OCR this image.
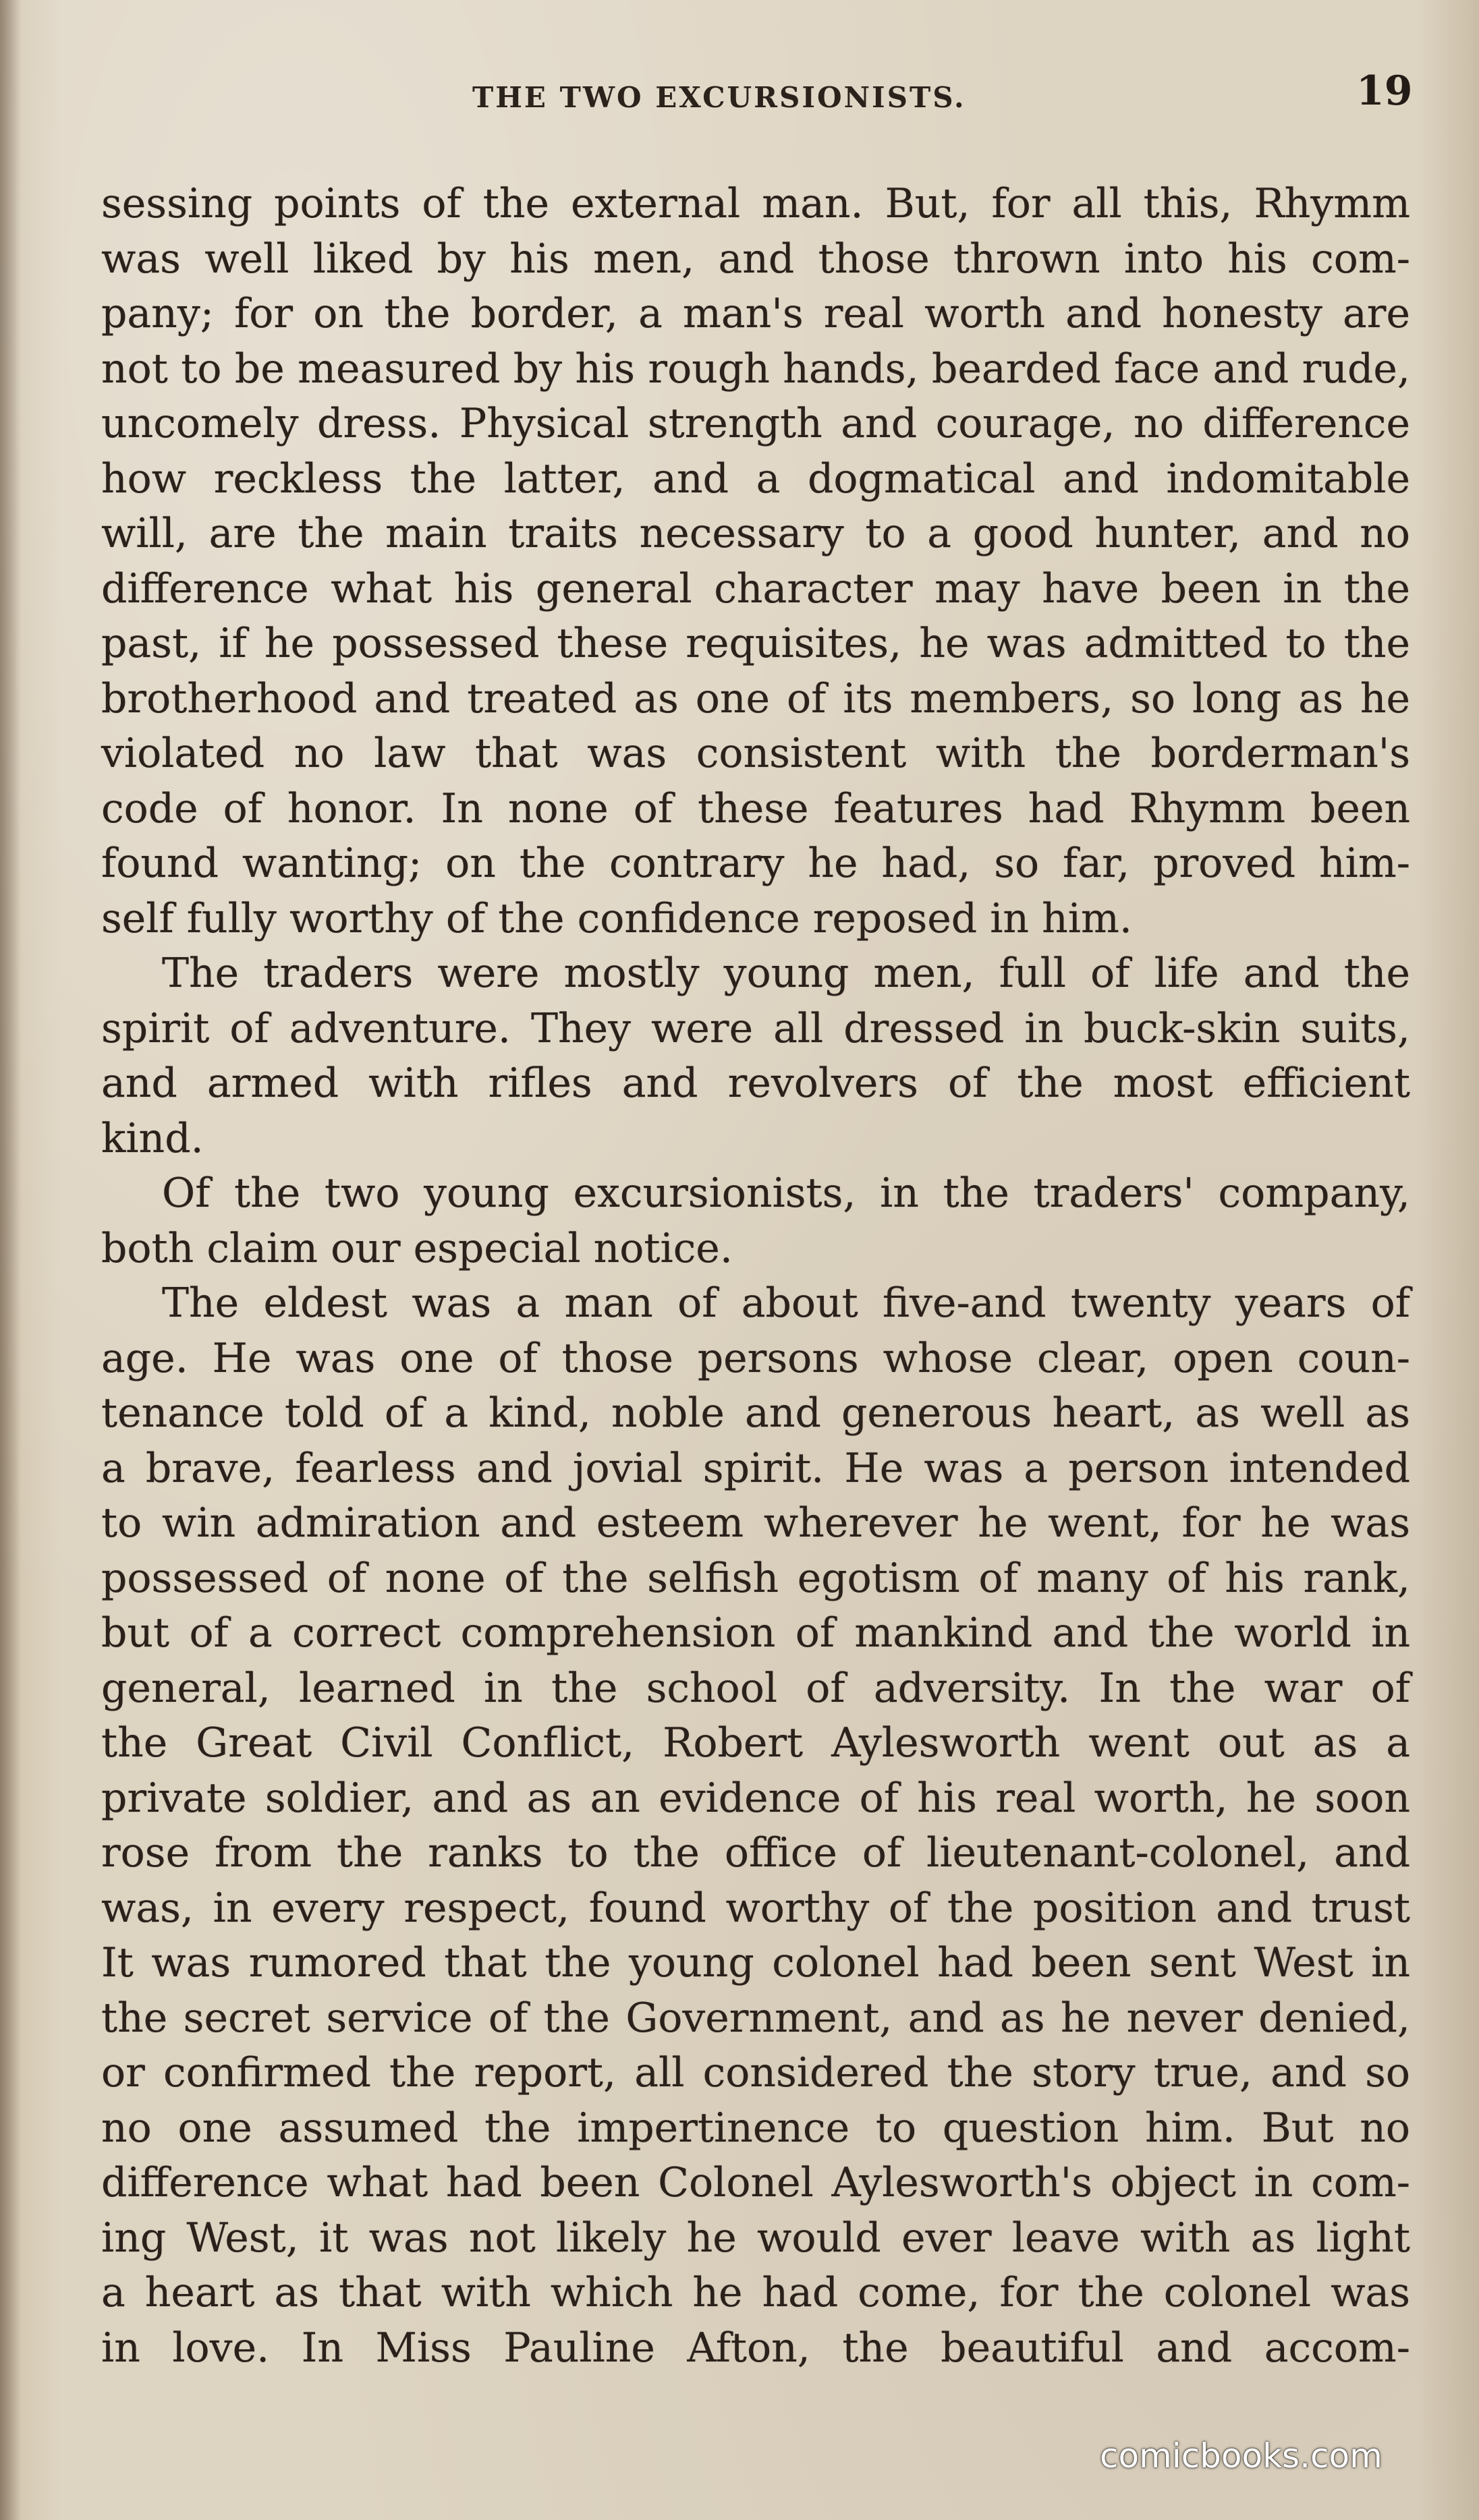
THE TWO EXCURSIONISTS.	19
sessing points of the external man. But, for all this, Rhymm
was well liked by his men, and those thrown into his com-
pany; for on the border, a man's real worth and honesty are
not to be measured by his rough hands, bearded face and rude,
uncomely dress. Physical strength and courage, no difference
how reckless the latter, and a dogmatical and indomitable
will, are the main traits necessary to a good hunter, and no
difference what his general character may have been in the
past, if he possessed these requisites, he was admitted to the
brotherhood and treated as one of its members, so long as he
violated no law that was consistent with the borderman's
code of honor. In none of these features had Rhymm been
found wanting; on the contrary he had, so far, proved him-
self fully worthy of the confidence reposed in him.
The traders were mostly young men, full of life and the
spirit of adventure. They were all dressed in buck-skin suits,
and armed with rifles and revolvers of the most efficient
kind.
Of the two young excursionists, in the traders' company,
both claim our especial notice.
The eldest was a man of about five-and twenty years of
age. He was one of those persons whose clear, open coun-
tenance told of a kind, noble and generous heart, as well as
a brave, fearless and jovial spirit. He was a person intended
to win admiration and esteem wherever he went, for he was
possessed of none of the selfish egotism of many of his rank,
but of a correct comprehension of mankind and the world in
general, learned in the school of adversity. In the war of
the Great Civil Conflict, Robert Aylesworth went out as a
private soldier, and as an evidence of his real worth, he soon
rose from the ranks to the office of lieutenant-colonel, and
was, in every respect, found worthy of the position and trust
It was rumored that the young colonel had been sent West in
the secret service of the Government, and as he never denied,
or confirmed the report, all considered the story true, and so
no one assumed the impertinence to question him. But no
difference what had been Colonel Aylesworth's object in com-
ing West, it was not likely he would ever leave with as light
a heart as that with which he had come, for the colonel was
in love. In Miss Pauline Afton, the beautiful and accom-
comicbooks.com
